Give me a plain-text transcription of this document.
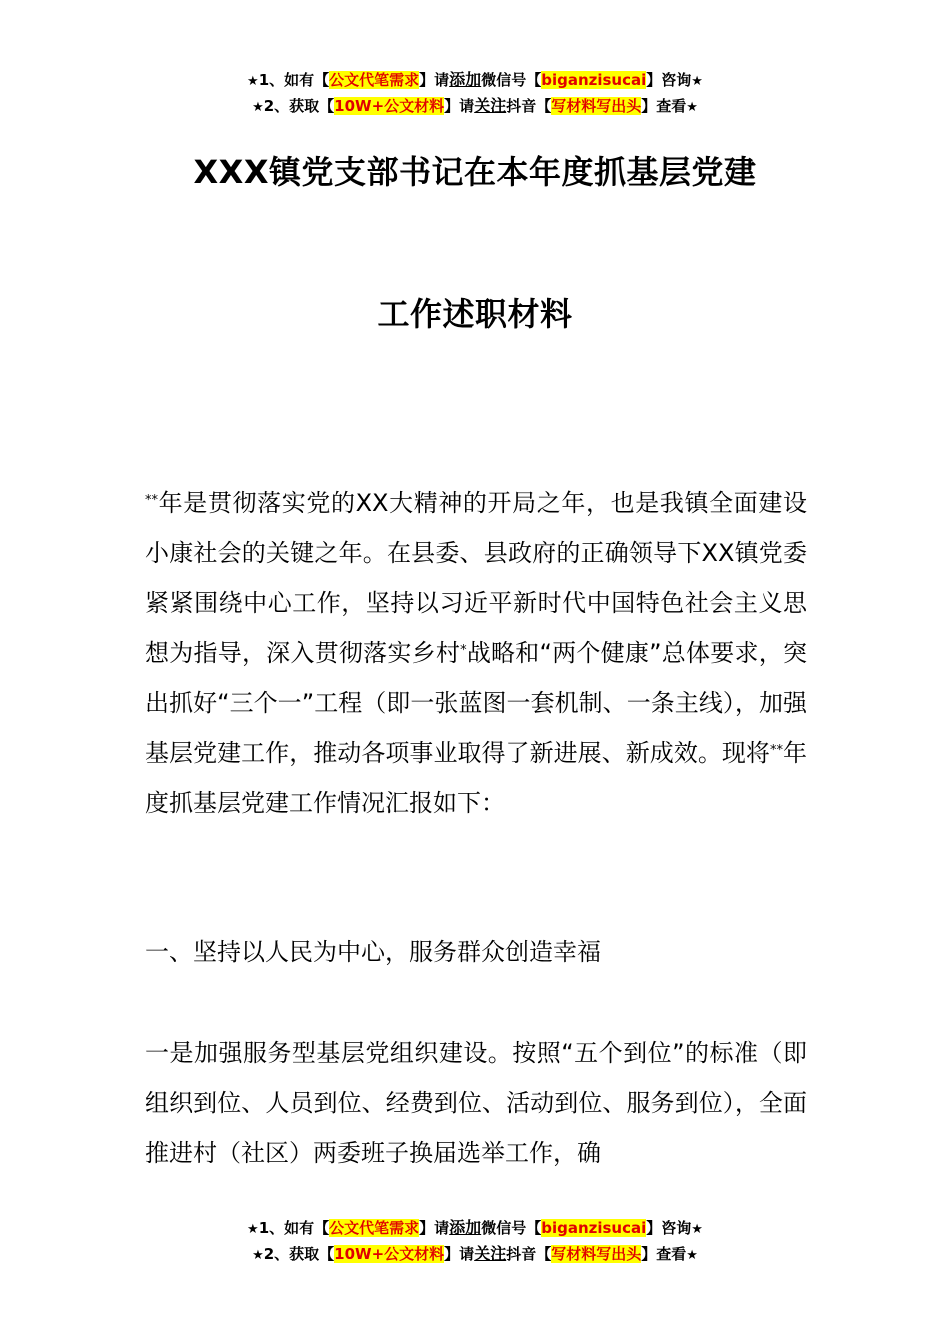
★1、如有【公文代笔需求】请添加微信号【biganzisucai】咨询★
★2、获取【10W+公文材料】请关注抖音【写材料写出头】查看★
XXX镇党支部书记在本年度抓基层党建
工作述职材料

**年是贯彻落实党的XX大精神的开局之年，也是我镇全面建设小康社会的关键之年。在县委、县政府的正确领导下XX镇党委紧紧围绕中心工作，坚持以习近平新时代中国特色社会主义思想为指导，深入贯彻落实乡村*战略和“两个健康”总体要求，突出抓好“三个一”工程（即一张蓝图一套机制、一条主线），加强基层党建工作，推动各项事业取得了新进展、新成效。现将**年度抓基层党建工作情况汇报如下：

一、坚持以人民为中心，服务群众创造幸福

一是加强服务型基层党组织建设。按照“五个到位”的标准（即组织到位、人员到位、经费到位、活动到位、服务到位），全面推进村（社区）两委班子换届选举工作，确

★1、如有【公文代笔需求】请添加微信号【biganzisucai】咨询★
★2、获取【10W+公文材料】请关注抖音【写材料写出头】查看★
